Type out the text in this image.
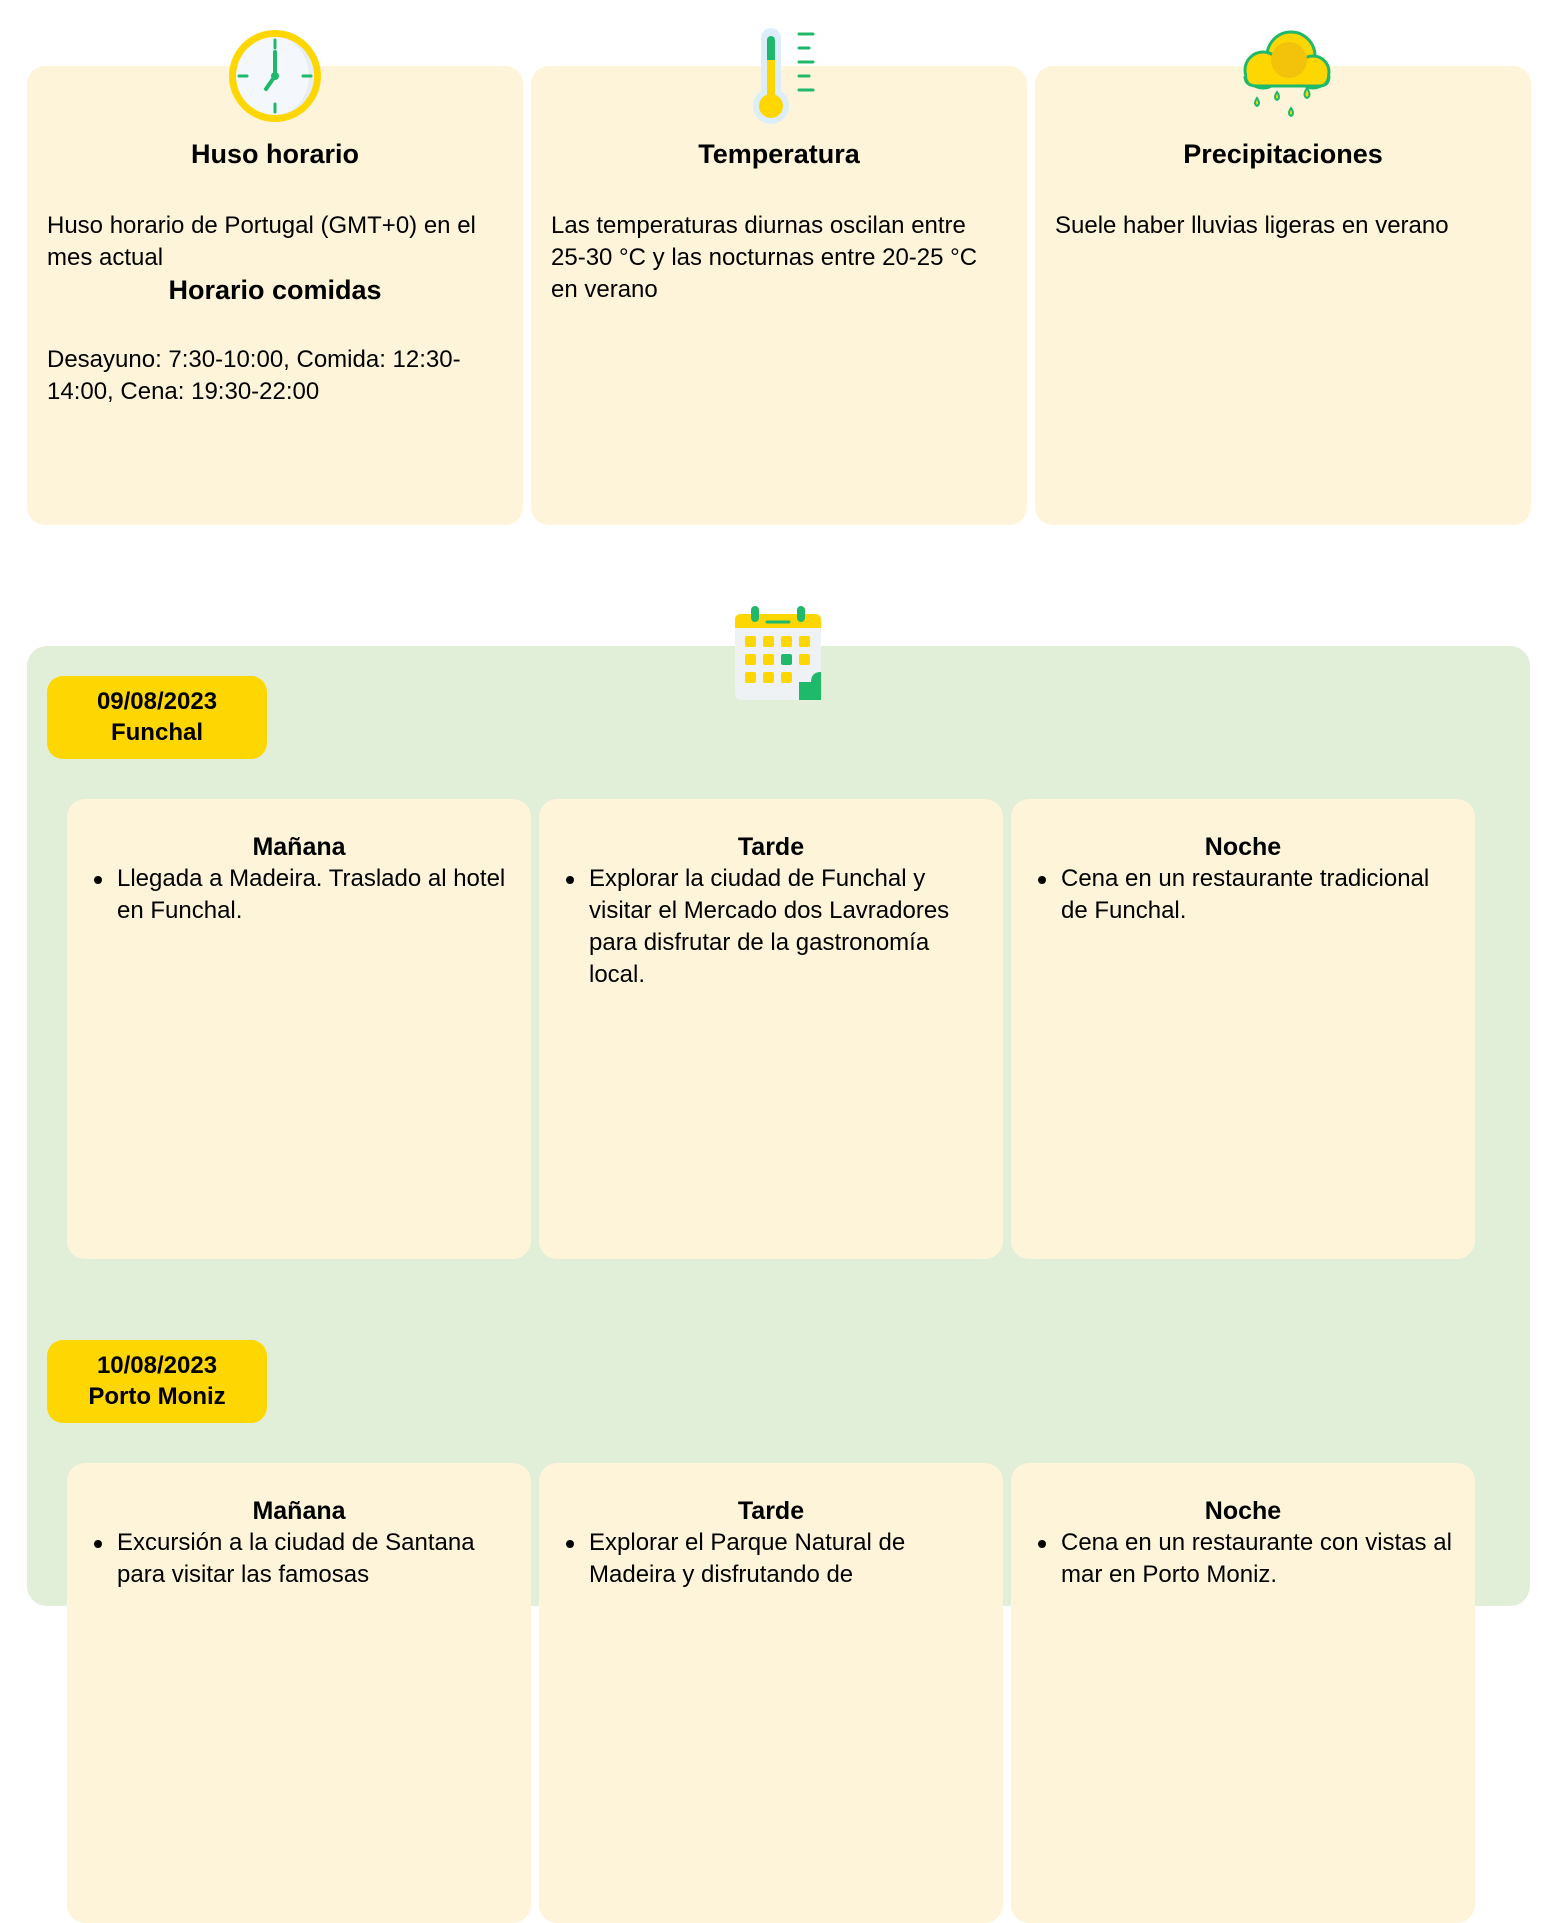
Huso horario
Huso horario de Portugal (GMT+0) en el mes actual
Horario comidas
Desayuno: 7:30-10:00, Comida: 12:30-14:00, Cena: 19:30-22:00
Temperatura
Las temperaturas diurnas oscilan entre 25-30 °C y las nocturnas entre 20-25 °C en verano
Precipitaciones
Suele haber lluvias ligeras en verano
09/08/2023
Funchal
Mañana
Llegada a Madeira. Traslado al hotel en Funchal.
Tarde
Explorar la ciudad de Funchal y visitar el Mercado dos Lavradores para disfrutar de la gastronomía local.
Noche
Cena en un restaurante tradicional de Funchal.
10/08/2023
Porto Moniz
Mañana
Excursión a la ciudad de Santana para visitar las famosas
Tarde
Explorar el Parque Natural de Madeira y disfrutando de
Noche
Cena en un restaurante con vistas al mar en Porto Moniz.
